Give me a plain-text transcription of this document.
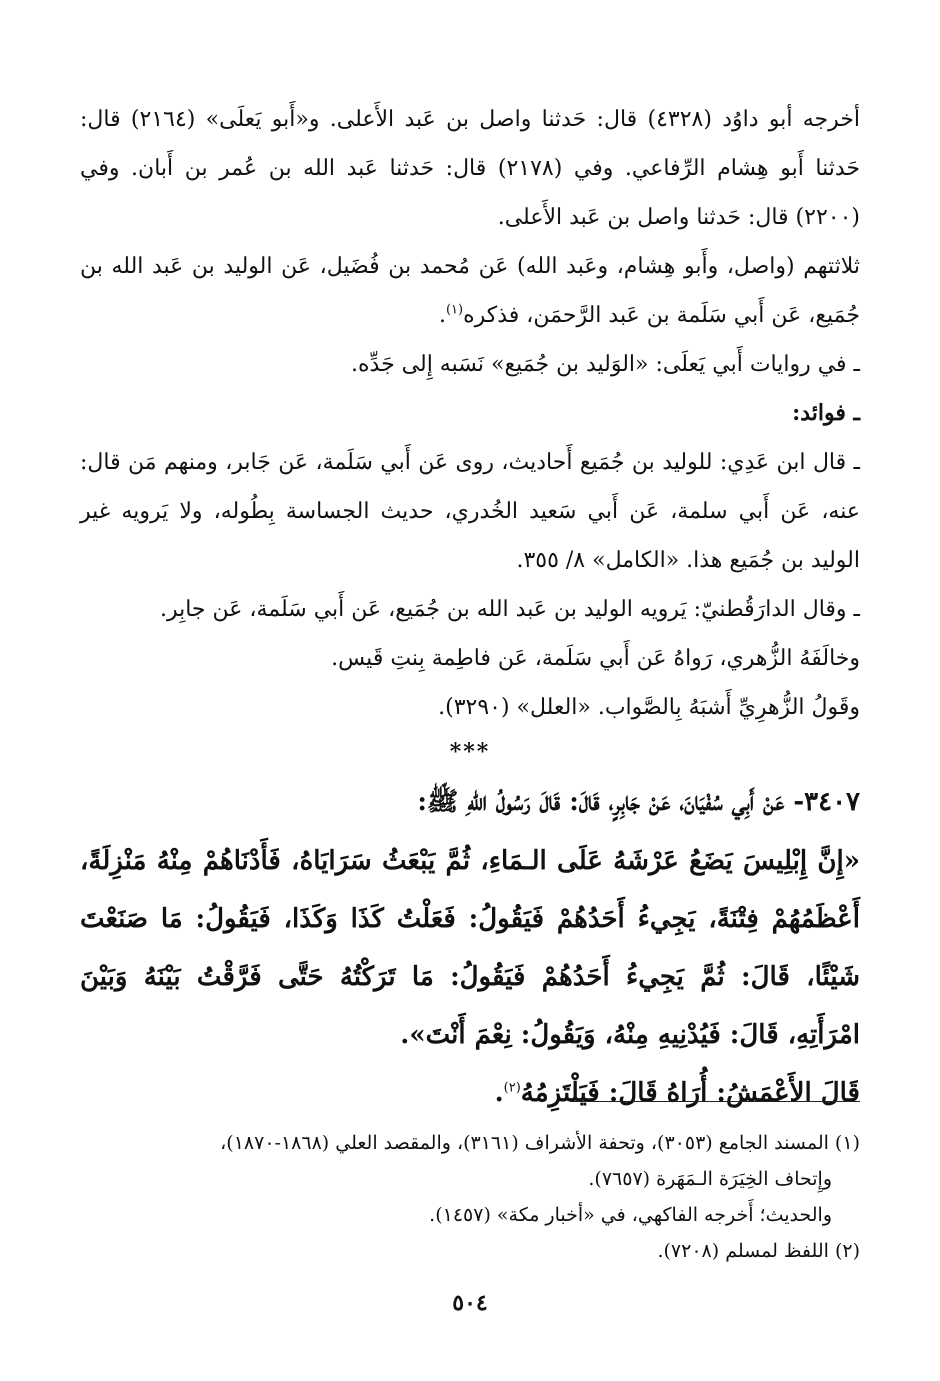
أخرجه أبو داوُد (٤٣٢٨) قال: حَدثنا واصل بن عَبد الأَعلى. و«أَبو يَعلَى» (٢١٦٤) قال: حَدثنا أَبو هِشام الرِّفاعي. وفي (٢١٧٨) قال: حَدثنا عَبد الله بن عُمر بن أَبان. وفي (٢٢٠٠) قال: حَدثنا واصل بن عَبد الأَعلى.

ثلاثتهم (واصل، وأَبو هِشام، وعَبد الله) عَن مُحمد بن فُضَيل، عَن الوليد بن عَبد الله بن جُمَيع، عَن أَبي سَلَمة بن عَبد الرَّحمَن، فذكره$^{(١)}$.

ـ في روايات أَبي يَعلَى: «الوَليد بن جُمَيع» نَسَبه إِلى جَدِّه.

ـ فوائد:

ـ قال ابن عَدِي: للوليد بن جُمَيع أَحاديث، روى عَن أَبي سَلَمة، عَن جَابر، ومنهم مَن قال: عنه، عَن أَبي سلمة، عَن أَبي سَعيد الخُدري، حديث الجساسة بِطُوله، ولا يَرويه غير الوليد بن جُمَيع هذا. «الكامل» ٨/ ٣٥٥.

ـ وقال الدارَقُطنيّ: يَرويه الوليد بن عَبد الله بن جُمَيع، عَن أَبي سَلَمة، عَن جابِر.

وخالَفَهُ الزُّهري، رَواهُ عَن أَبي سَلَمة، عَن فاطِمة بِنتِ قَيس.

وقَولُ الزُّهرِيِّ أَشبَهُ بِالصَّواب. «العلل» (٣٢٩٠).

***
٣٤٠٧- عَنْ أَبِي سُفْيَانَ، عَنْ جَابِرٍ، قَالَ: قَالَ رَسُولُ اللهِ ﷺ:

«إِنَّ إِبْلِيسَ يَضَعُ عَرْشَهُ عَلَى الـمَاءِ، ثُمَّ يَبْعَثُ سَرَايَاهُ، فَأَدْنَاهُمْ مِنْهُ مَنْزِلَةً، أَعْظَمُهُمْ فِتْنَةً، يَجِيءُ أَحَدُهُمْ فَيَقُولُ: فَعَلْتُ كَذَا وَكَذَا، فَيَقُولُ: مَا صَنَعْتَ شَيْئًا، قَالَ: ثُمَّ يَجِيءُ أَحَدُهُمْ فَيَقُولُ: مَا تَرَكْتُهُ حَتَّى فَرَّقْتُ بَيْنَهُ وَبَيْنَ امْرَأَتِهِ، قَالَ: فَيُدْنِيهِ مِنْهُ، وَيَقُولُ: نِعْمَ أَنْتَ».

قَالَ الأَعْمَشُ: أُرَاهُ قَالَ: فَيَلْتَزِمُهُ$^{(٢)}$.

(١) المسند الجامع (٣٠٥٣)، وتحفة الأشراف (٣١٦١)، والمقصد العلي (١٨٦٨-١٨٧٠)،

وإِتحاف الخِيَرَة الـمَهَرة (٧٦٥٧).

والحديث؛ أَخرجه الفاكهي، في «أخبار مكة» (١٤٥٧).

(٢) اللفظ لمسلم (٧٢٠٨).

٥٠٤
